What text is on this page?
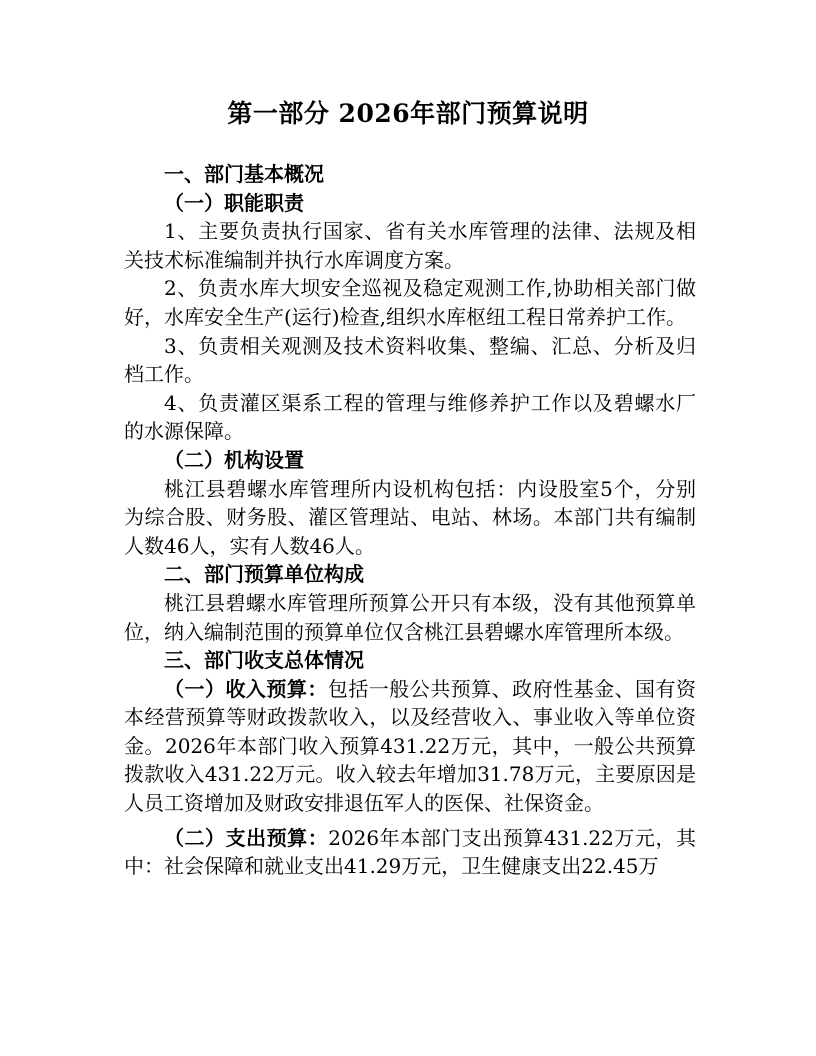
第一部分 2026年部门预算说明

一、部门基本概况

（一）职能职责

1、主要负责执行国家、省有关水库管理的法律、法规及相关技术标准编制并执行水库调度方案。

2、负责水库大坝安全巡视及稳定观测工作,协助相关部门做好，水库安全生产(运行)检查,组织水库枢纽工程日常养护工作。

3、负责相关观测及技术资料收集、整编、汇总、分析及归档工作。

4、负责灌区渠系工程的管理与维修养护工作以及碧螺水厂的水源保障。

（二）机构设置

桃江县碧螺水库管理所内设机构包括：内设股室5个，分别为综合股、财务股、灌区管理站、电站、林场。本部门共有编制人数46人，实有人数46人。

二、部门预算单位构成

桃江县碧螺水库管理所预算公开只有本级，没有其他预算单位，纳入编制范围的预算单位仅含桃江县碧螺水库管理所本级。

三、部门收支总体情况

（一）收入预算：包括一般公共预算、政府性基金、国有资本经营预算等财政拨款收入，以及经营收入、事业收入等单位资金。2026年本部门收入预算431.22万元，其中，一般公共预算拨款收入431.22万元。收入较去年增加31.78万元，主要原因是人员工资增加及财政安排退伍军人的医保、社保资金。

（二）支出预算：2026年本部门支出预算431.22万元，其中：社会保障和就业支出41.29万元，卫生健康支出22.45万
